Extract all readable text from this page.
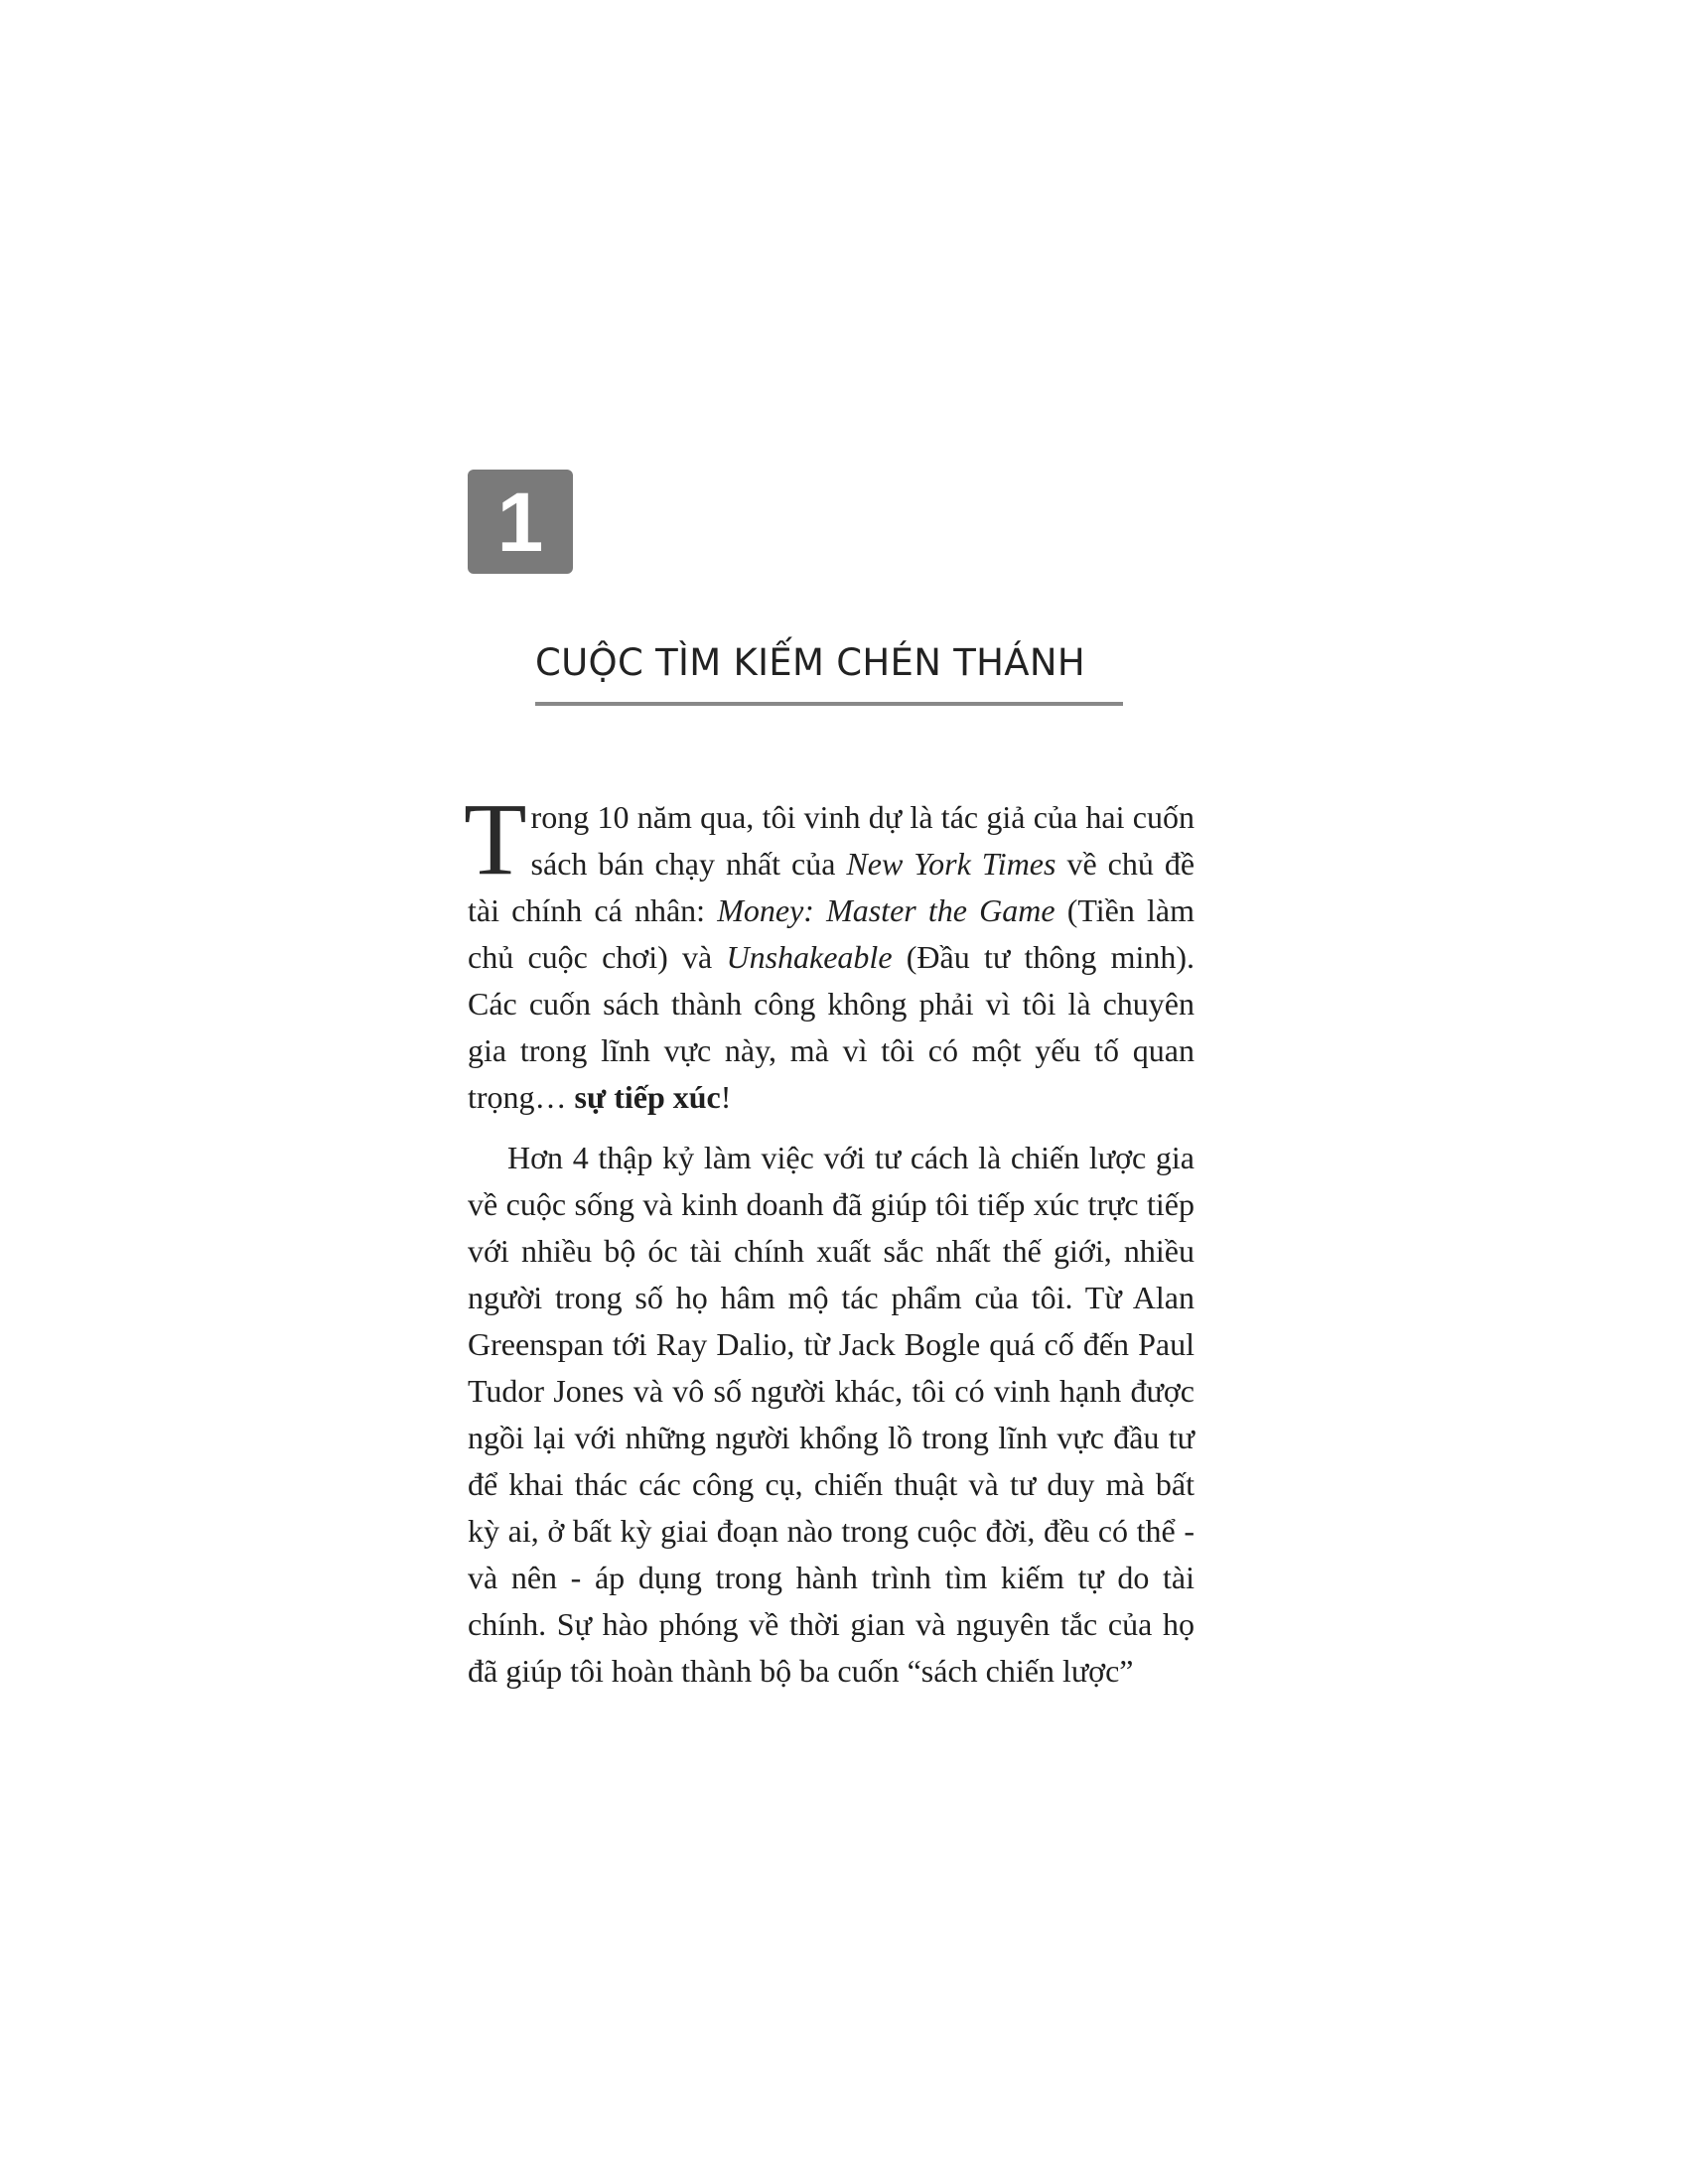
1
CUỘC TÌM KIẾM CHÉN THÁNH

Trong 10 năm qua, tôi vinh dự là tác giả của hai cuốn sách bán chạy nhất của New York Times về chủ đề tài chính cá nhân: Money: Master the Game (Tiền làm chủ cuộc chơi) và Unshakeable (Đầu tư thông minh). Các cuốn sách thành công không phải vì tôi là chuyên gia trong lĩnh vực này, mà vì tôi có một yếu tố quan trọng… sự tiếp xúc!

Hơn 4 thập kỷ làm việc với tư cách là chiến lược gia về cuộc sống và kinh doanh đã giúp tôi tiếp xúc trực tiếp với nhiều bộ óc tài chính xuất sắc nhất thế giới, nhiều người trong số họ hâm mộ tác phẩm của tôi. Từ Alan Greenspan tới Ray Dalio, từ Jack Bogle quá cố đến Paul Tudor Jones và vô số người khác, tôi có vinh hạnh được ngồi lại với những người khổng lồ trong lĩnh vực đầu tư để khai thác các công cụ, chiến thuật và tư duy mà bất kỳ ai, ở bất kỳ giai đoạn nào trong cuộc đời, đều có thể - và nên - áp dụng trong hành trình tìm kiếm tự do tài chính. Sự hào phóng về thời gian và nguyên tắc của họ đã giúp tôi hoàn thành bộ ba cuốn “sách chiến lược”
